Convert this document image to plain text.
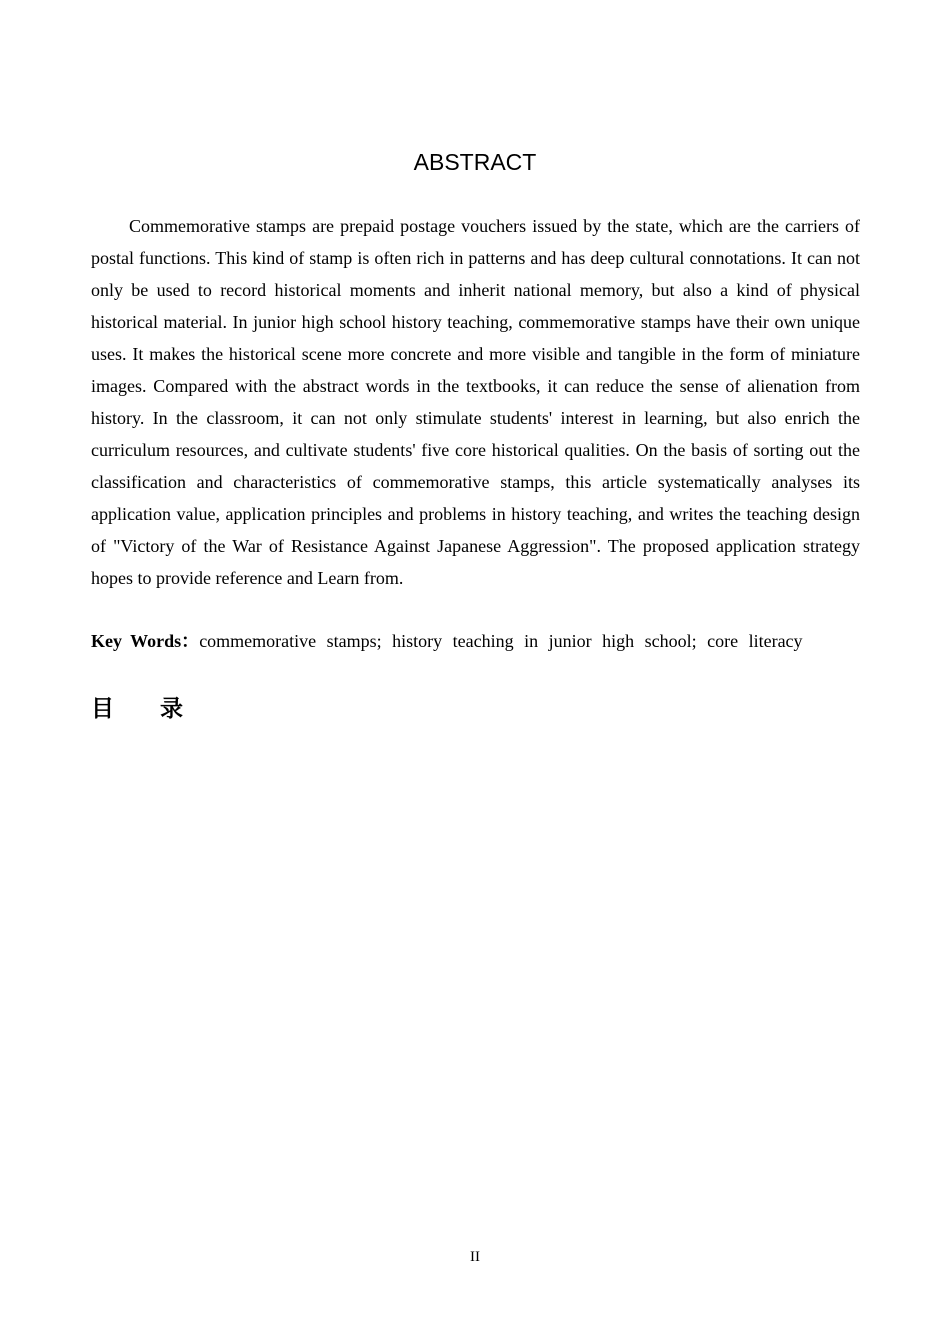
ABSTRACT

Commemorative stamps are prepaid postage vouchers issued by the state, which are the carriers of postal functions. This kind of stamp is often rich in patterns and has deep cultural connotations. It can not only be used to record historical moments and inherit national memory, but also a kind of physical historical material. In junior high school history teaching, commemorative stamps have their own unique uses. It makes the historical scene more concrete and more visible and tangible in the form of miniature images. Compared with the abstract words in the textbooks, it can reduce the sense of alienation from history. In the classroom, it can not only stimulate students' interest in learning, but also enrich the curriculum resources, and cultivate students' five core historical qualities. On the basis of sorting out the classification and characteristics of commemorative stamps, this article systematically analyses its application value, application principles and problems in history teaching, and writes the teaching design of "Victory of the War of Resistance Against Japanese Aggression". The proposed application strategy hopes to provide reference and Learn from.

Key Words：commemorative stamps; history teaching in junior high school; core literacy

目 录

II
